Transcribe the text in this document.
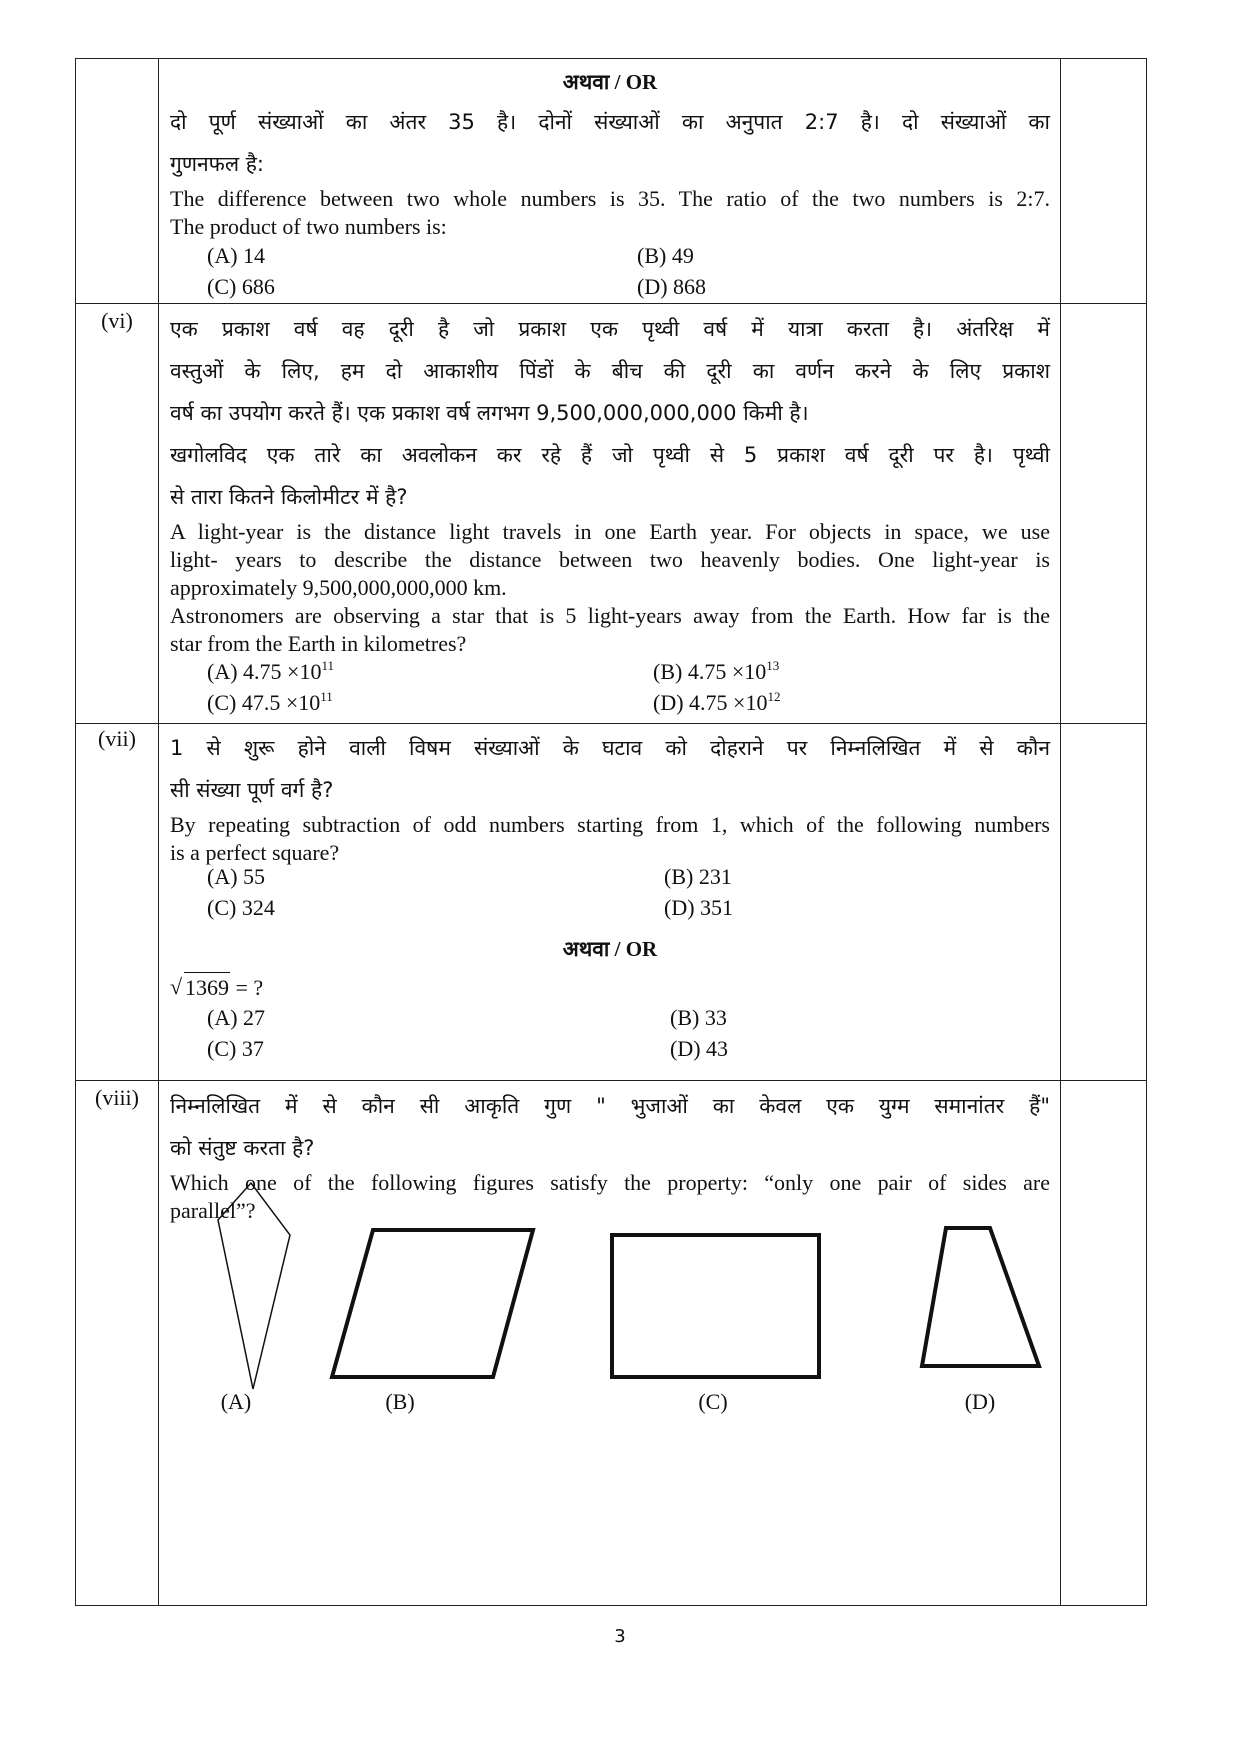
अथवा / OR
दो पूर्ण संख्याओं का अंतर 35 है। दोनों संख्याओं का अनुपात 2:7 है। दो संख्याओं का
गुणनफल है:
The difference between two whole numbers is 35. The ratio of the two numbers is 2:7.
The product of two numbers is:
(A) 14	(B) 49
(C) 686	(D) 868
(vi)	एक प्रकाश वर्ष वह दूरी है जो प्रकाश एक पृथ्वी वर्ष में यात्रा करता है। अंतरिक्ष में
वस्तुओं के लिए, हम दो आकाशीय पिंडों के बीच की दूरी का वर्णन करने के लिए प्रकाश
वर्ष का उपयोग करते हैं। एक प्रकाश वर्ष लगभग 9,500,000,000,000 किमी है।
खगोलविद एक तारे का अवलोकन कर रहे हैं जो पृथ्वी से 5 प्रकाश वर्ष दूरी पर है। पृथ्वी
से तारा कितने किलोमीटर में है?
A light-year is the distance light travels in one Earth year. For objects in space, we use
light- years to describe the distance between two heavenly bodies. One light-year is
approximately 9,500,000,000,000 km.
Astronomers are observing a star that is 5 light-years away from the Earth. How far is the
star from the Earth in kilometres?
(A) $4.75 \times 10^{11}$	(B) $4.75 \times 10^{13}$
(C) $47.5 \times 10^{11}$	(D) $4.75 \times 10^{12}$
(vii)	1 से शुरू होने वाली विषम संख्याओं के घटाव को दोहराने पर निम्नलिखित में से कौन
सी संख्या पूर्ण वर्ग है?
By repeating subtraction of odd numbers starting from 1, which of the following numbers
is a perfect square?
(A) 55	(B) 231
(C) 324	(D) 351
अथवा / OR
√ 1369 = ?
(A) 27	(B) 33
(C) 37	(D) 43
(viii)	निम्नलिखित में से कौन सी आकृति गुण " भुजाओं का केवल एक युग्म समानांतर हैं"
को संतुष्ट करता है?
Which one of the following figures satisfy the property: “only one pair of sides are
parallel”?
(A)	(B)	(C)	(D)
3
